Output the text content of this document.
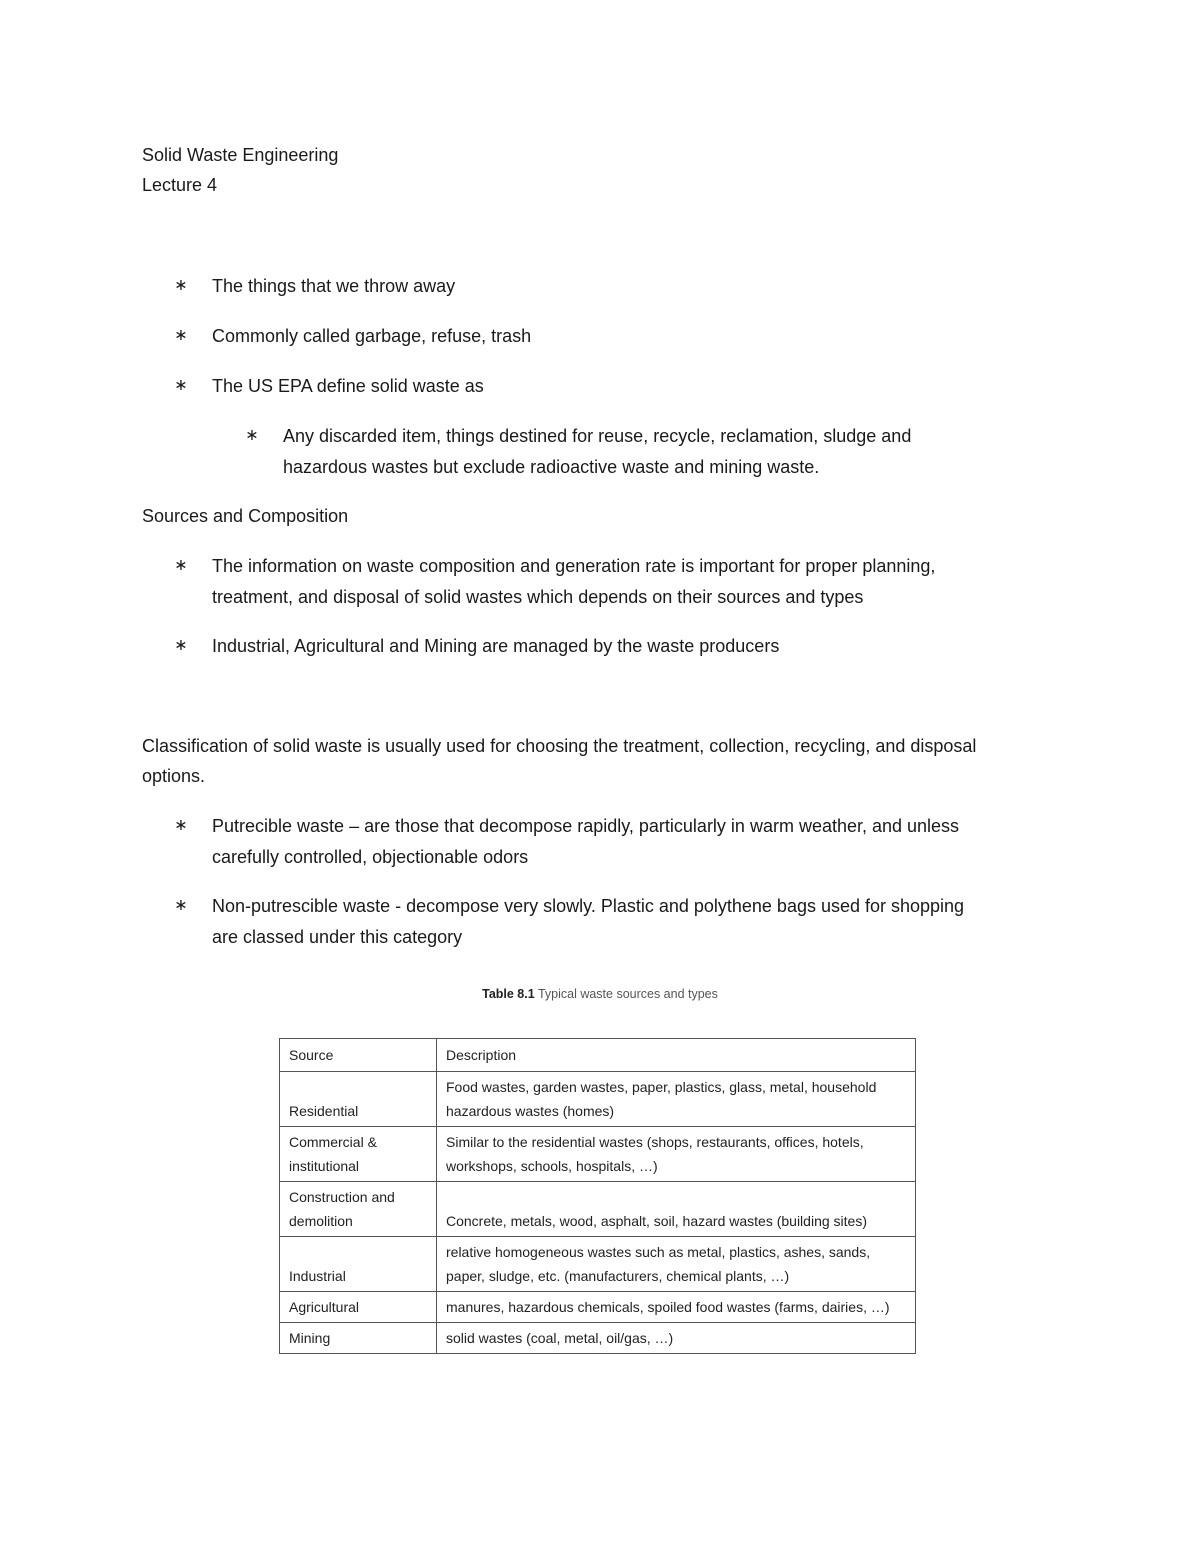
Solid Waste Engineering
Lecture 4
∗ The things that we throw away
∗ Commonly called garbage, refuse, trash
∗ The US EPA define solid waste as
∗ Any discarded item, things destined for reuse, recycle, reclamation, sludge and
hazardous wastes but exclude radioactive waste and mining waste.
Sources and Composition
∗ The information on waste composition and generation rate is important for proper planning,
treatment, and disposal of solid wastes which depends on their sources and types
∗ Industrial, Agricultural and Mining are managed by the waste producers
Classification of solid waste is usually used for choosing the treatment, collection, recycling, and disposal
options.
∗ Putrecible waste – are those that decompose rapidly, particularly in warm weather, and unless
carefully controlled, objectionable odors
∗ Non-putrescible waste - decompose very slowly. Plastic and polythene bags used for shopping
are classed under this category
Table 8.1 Typical waste sources and types
Source	Description
Residential	Food wastes, garden wastes, paper, plastics, glass, metal, household hazardous wastes (homes)
Commercial & institutional	Similar to the residential wastes (shops, restaurants, offices, hotels, workshops, schools, hospitals, …)
Construction and demolition	Concrete, metals, wood, asphalt, soil, hazard wastes (building sites)
Industrial	relative homogeneous wastes such as metal, plastics, ashes, sands, paper, sludge, etc. (manufacturers, chemical plants, …)
Agricultural	manures, hazardous chemicals, spoiled food wastes (farms, dairies, …)
Mining	solid wastes (coal, metal, oil/gas, …)
